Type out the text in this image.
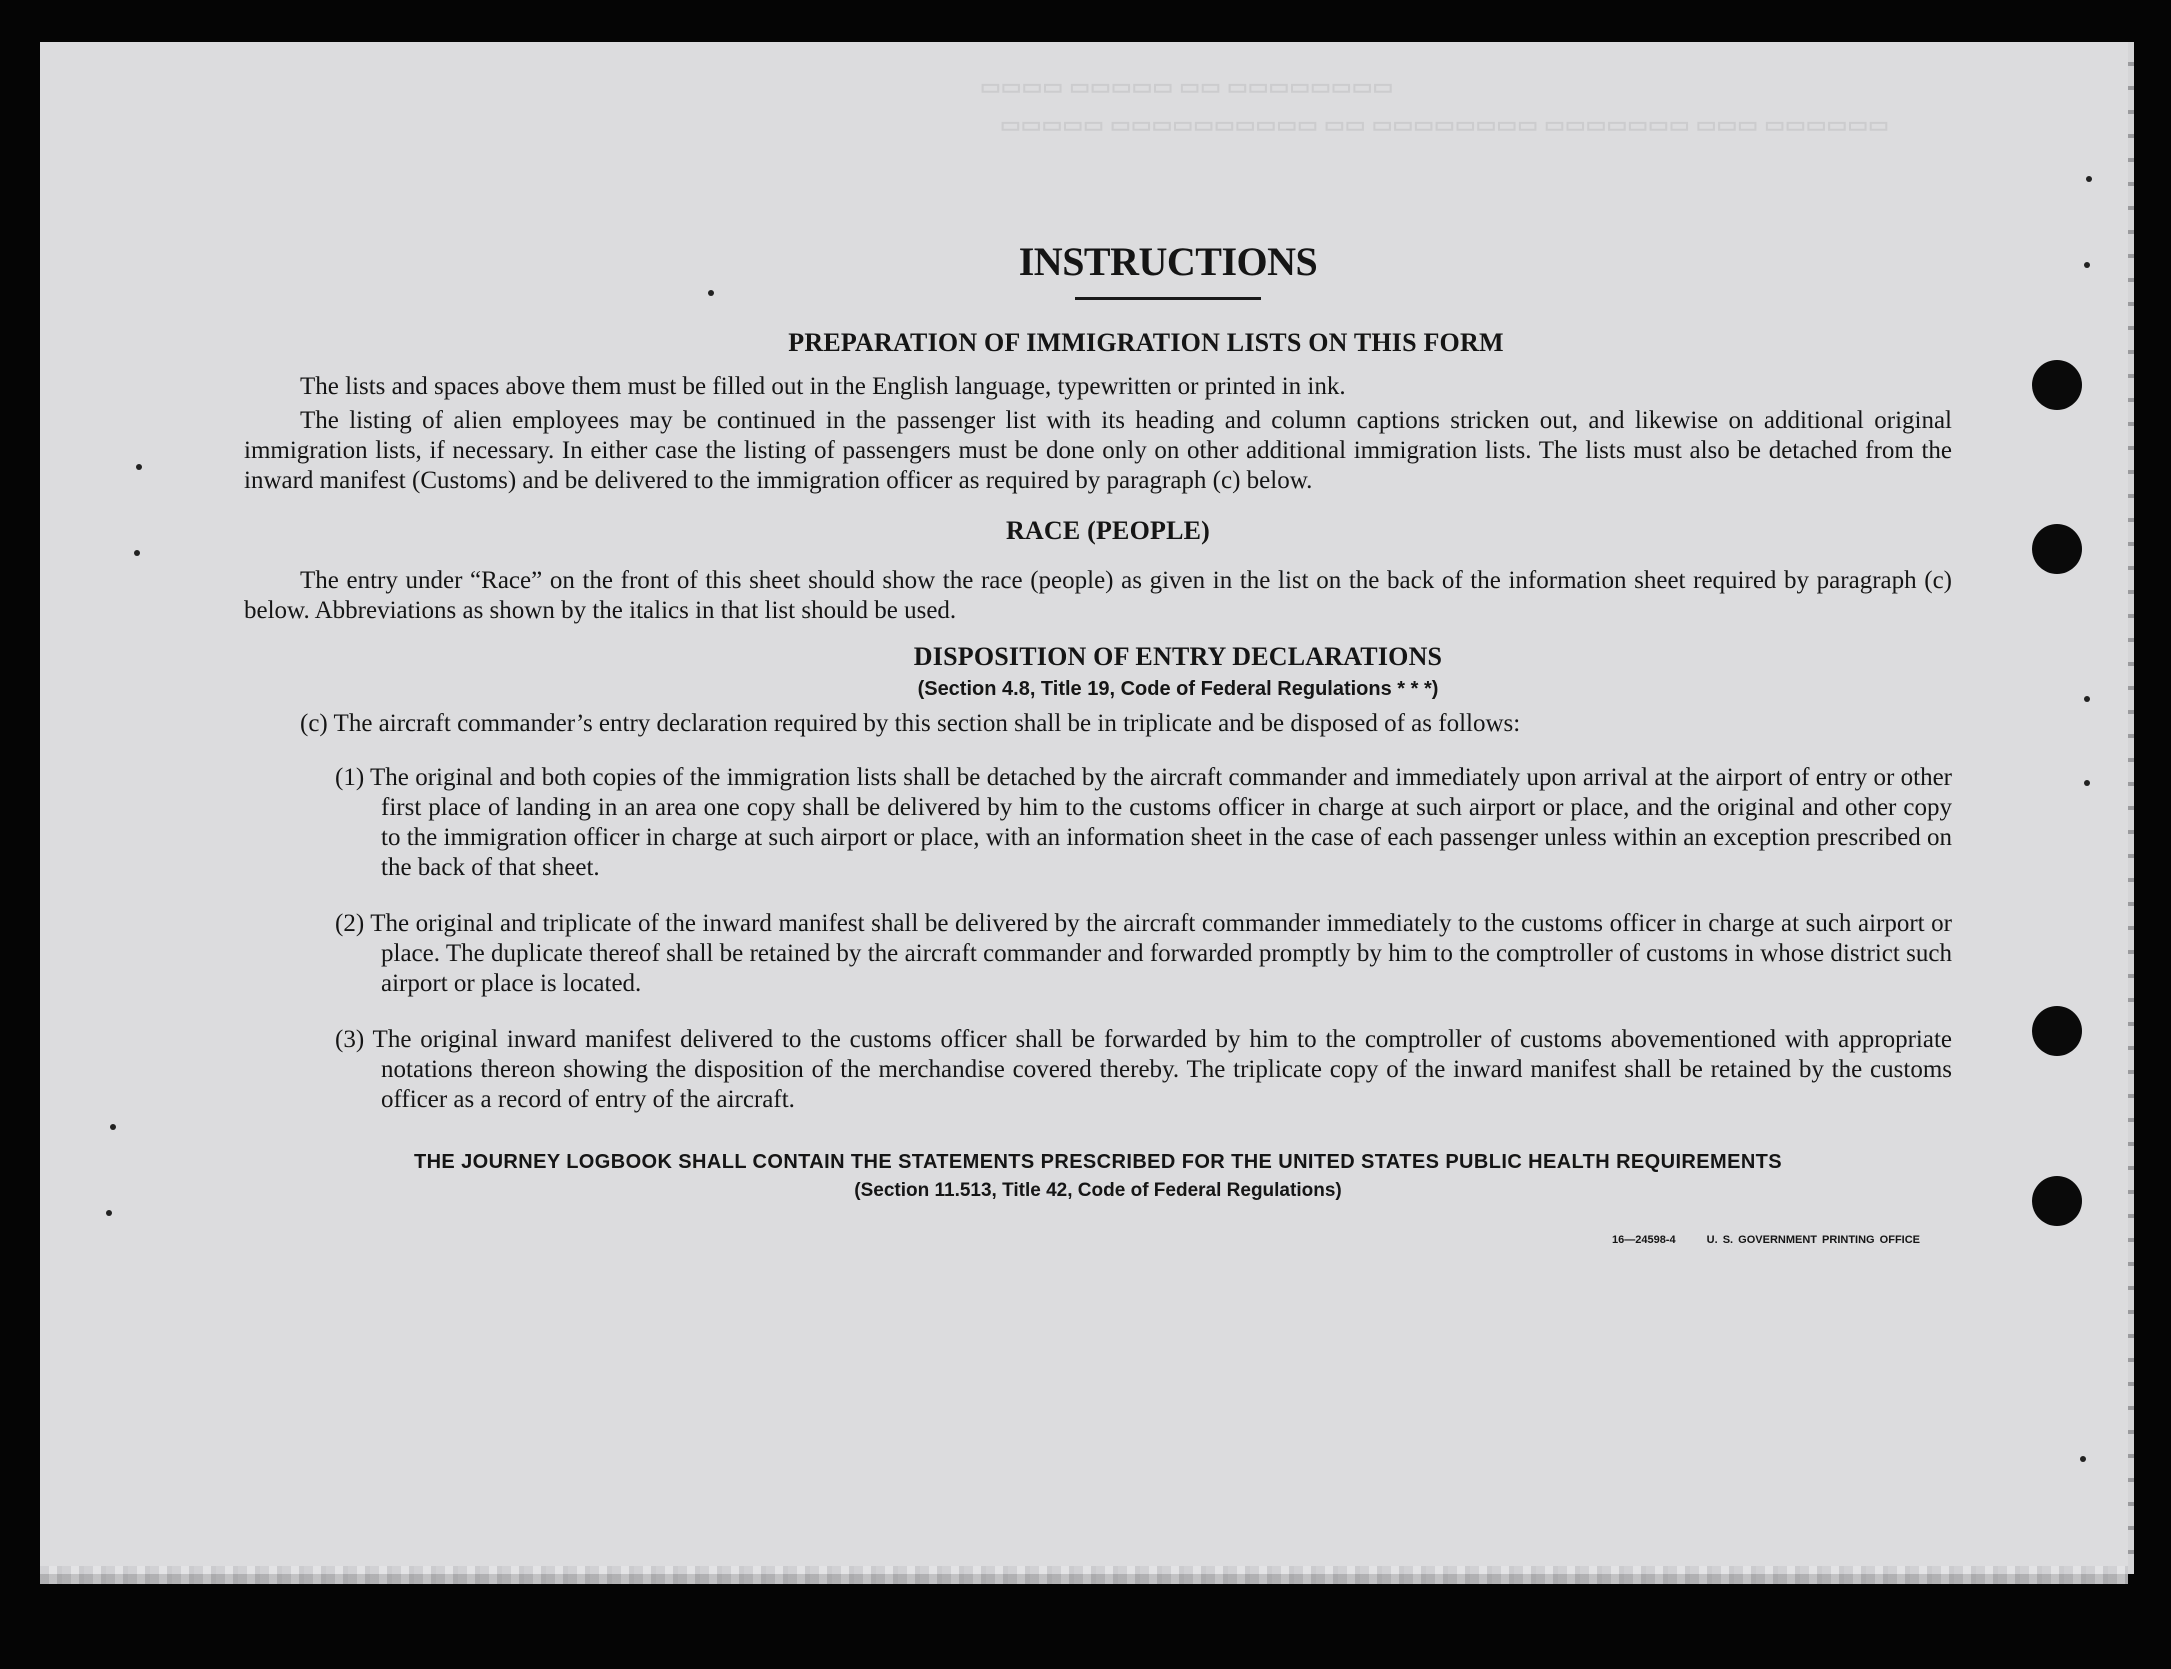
▭▭▭▭ ▭▭▭▭▭ ▭▭ ▭▭▭▭▭▭▭▭
▭▭▭▭▭ ▭▭▭▭▭▭▭▭▭▭ ▭▭ ▭▭▭▭▭▭▭▭ ▭▭▭▭▭▭▭ ▭▭▭ ▭▭▭▭▭▭
INSTRUCTIONS
PREPARATION OF IMMIGRATION LISTS ON THIS FORM

The lists and spaces above them must be filled out in the English language, typewritten or printed in ink.

The listing of alien employees may be continued in the passenger list with its heading and column captions stricken out, and likewise on additional original immigration lists, if necessary. In either case the listing of passengers must be done only on other additional immigration lists. The lists must also be detached from the inward manifest (Customs) and be delivered to the immigration officer as required by paragraph (c) below.

RACE (PEOPLE)

The entry under “Race” on the front of this sheet should show the race (people) as given in the list on the back of the information sheet required by paragraph (c) below. Abbreviations as shown by the italics in that list should be used.

DISPOSITION OF ENTRY DECLARATIONS
(Section 4.8, Title 19, Code of Federal Regulations * * *)

(c) The aircraft commander’s entry declaration required by this section shall be in triplicate and be disposed of as follows:

(1) The original and both copies of the immigration lists shall be detached by the aircraft commander and immediately upon arrival at the airport of entry or other first place of landing in an area one copy shall be delivered by him to the customs officer in charge at such airport or place, and the original and other copy to the immigration officer in charge at such airport or place, with an information sheet in the case of each passenger unless within an exception prescribed on the back of that sheet.

(2) The original and triplicate of the inward manifest shall be delivered by the aircraft commander immediately to the customs officer in charge at such airport or place. The duplicate thereof shall be retained by the aircraft commander and forwarded promptly by him to the comptroller of customs in whose district such airport or place is located.

(3) The original inward manifest delivered to the customs officer shall be forwarded by him to the comptroller of customs abovementioned with appropriate notations thereon showing the disposition of the merchandise covered thereby. The triplicate copy of the inward manifest shall be retained by the customs officer as a record of entry of the aircraft.

THE JOURNEY LOGBOOK SHALL CONTAIN THE STATEMENTS PRESCRIBED FOR THE UNITED STATES PUBLIC HEALTH REQUIREMENTS
(Section 11.513, Title 42, Code of Federal Regulations)
16—24598-4	U. S. GOVERNMENT PRINTING OFFICE
